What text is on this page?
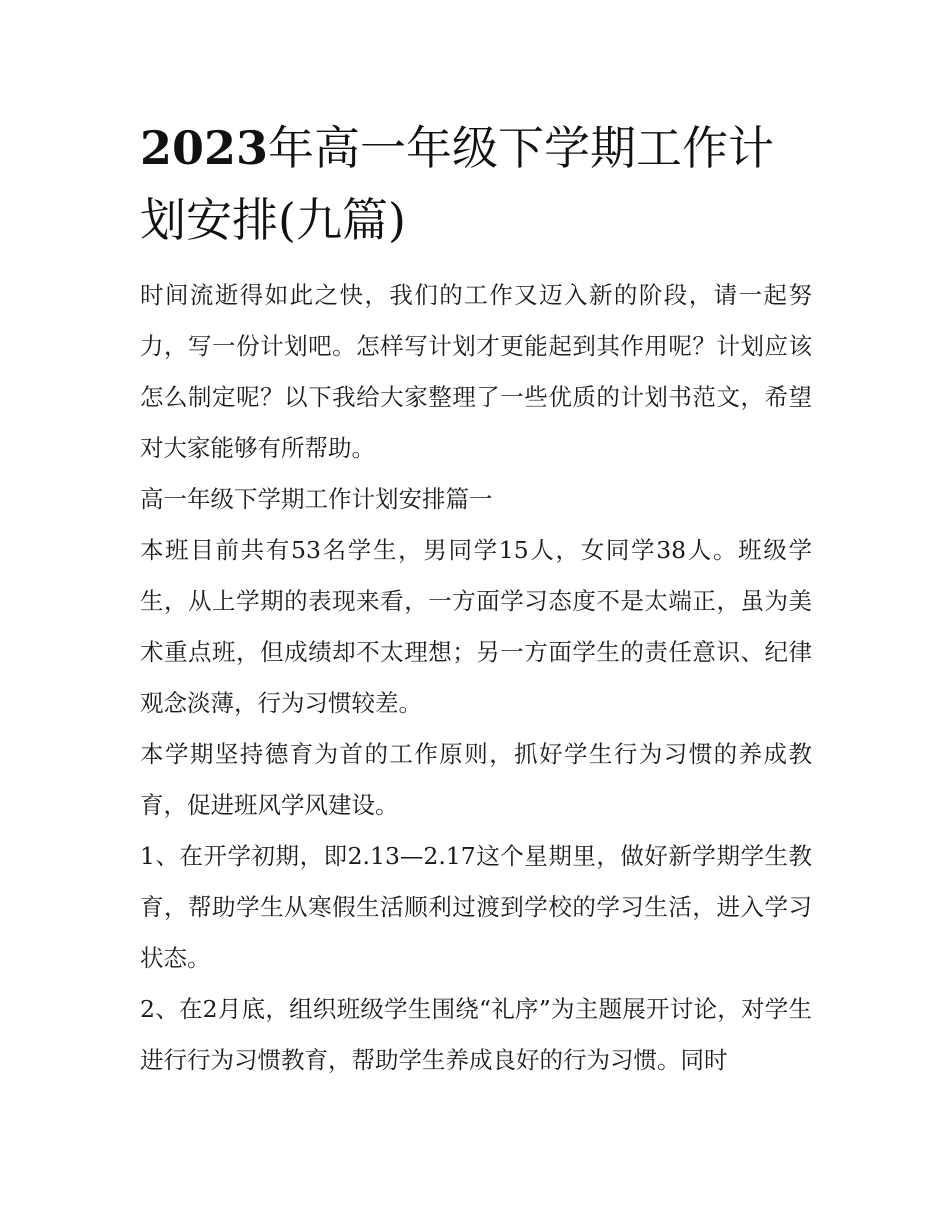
2023年高一年级下学期工作计划安排(九篇)

时间流逝得如此之快，我们的工作又迈入新的阶段，请一起努力，写一份计划吧。怎样写计划才更能起到其作用呢？计划应该怎么制定呢？以下我给大家整理了一些优质的计划书范文，希望对大家能够有所帮助。

高一年级下学期工作计划安排篇一

本班目前共有53名学生，男同学15人，女同学38人。班级学生，从上学期的表现来看，一方面学习态度不是太端正，虽为美术重点班，但成绩却不太理想；另一方面学生的责任意识、纪律观念淡薄，行为习惯较差。

本学期坚持德育为首的工作原则，抓好学生行为习惯的养成教育，促进班风学风建设。

1、在开学初期，即2.13—2.17这个星期里，做好新学期学生教育，帮助学生从寒假生活顺利过渡到学校的学习生活，进入学习状态。

2、在2月底，组织班级学生围绕“礼序”为主题展开讨论，对学生进行行为习惯教育，帮助学生养成良好的行为习惯。同时
